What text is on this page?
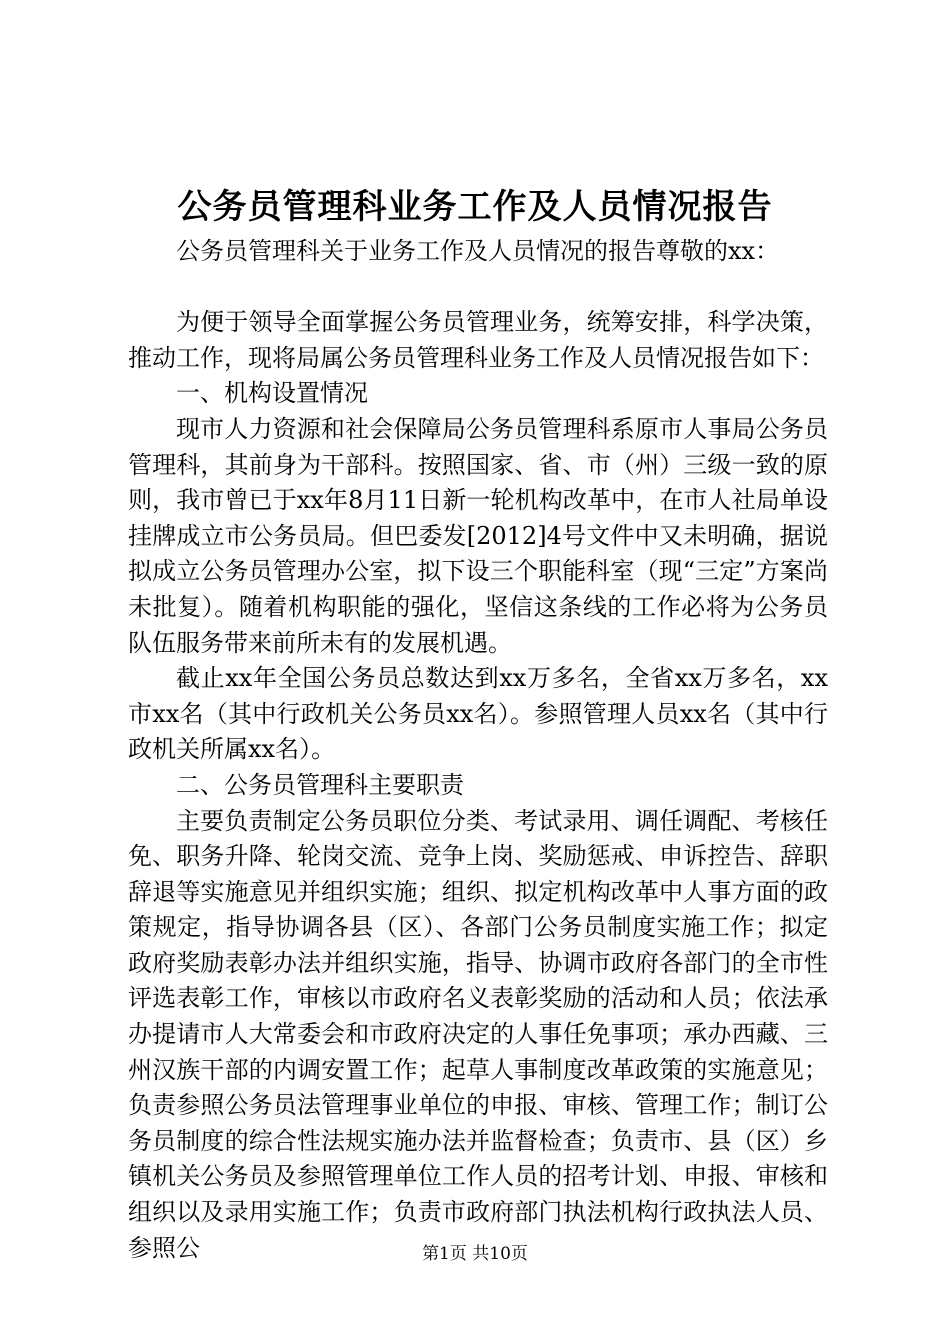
公务员管理科业务工作及人员情况报告

公务员管理科关于业务工作及人员情况的报告尊敬的xx：

为便于领导全面掌握公务员管理业务，统筹安排，科学决策，推动工作，现将局属公务员管理科业务工作及人员情况报告如下：

一、机构设置情况

现市人力资源和社会保障局公务员管理科系原市人事局公务员管理科，其前身为干部科。按照国家、省、市（州）三级一致的原则，我市曾已于xx年8月11日新一轮机构改革中，在市人社局单设挂牌成立市公务员局。但巴委发[2012]4号文件中又未明确，据说拟成立公务员管理办公室，拟下设三个职能科室（现“三定”方案尚未批复）。随着机构职能的强化，坚信这条线的工作必将为公务员队伍服务带来前所未有的发展机遇。

截止xx年全国公务员总数达到xx万多名，全省xx万多名，xx市xx名（其中行政机关公务员xx名）。参照管理人员xx名（其中行政机关所属xx名）。

二、公务员管理科主要职责

主要负责制定公务员职位分类、考试录用、调任调配、考核任免、职务升降、轮岗交流、竞争上岗、奖励惩戒、申诉控告、辞职辞退等实施意见并组织实施；组织、拟定机构改革中人事方面的政策规定，指导协调各县（区）、各部门公务员制度实施工作；拟定政府奖励表彰办法并组织实施，指导、协调市政府各部门的全市性评选表彰工作，审核以市政府名义表彰奖励的活动和人员；依法承办提请市人大常委会和市政府决定的人事任免事项；承办西藏、三州汉族干部的内调安置工作；起草人事制度改革政策的实施意见；负责参照公务员法管理事业单位的申报、审核、管理工作；制订公务员制度的综合性法规实施办法并监督检查；负责市、县（区）乡镇机关公务员及参照管理单位工作人员的招考计划、申报、审核和组织以及录用实施工作；负责市政府部门执法机构行政执法人员、参照公	第1页 共10页
